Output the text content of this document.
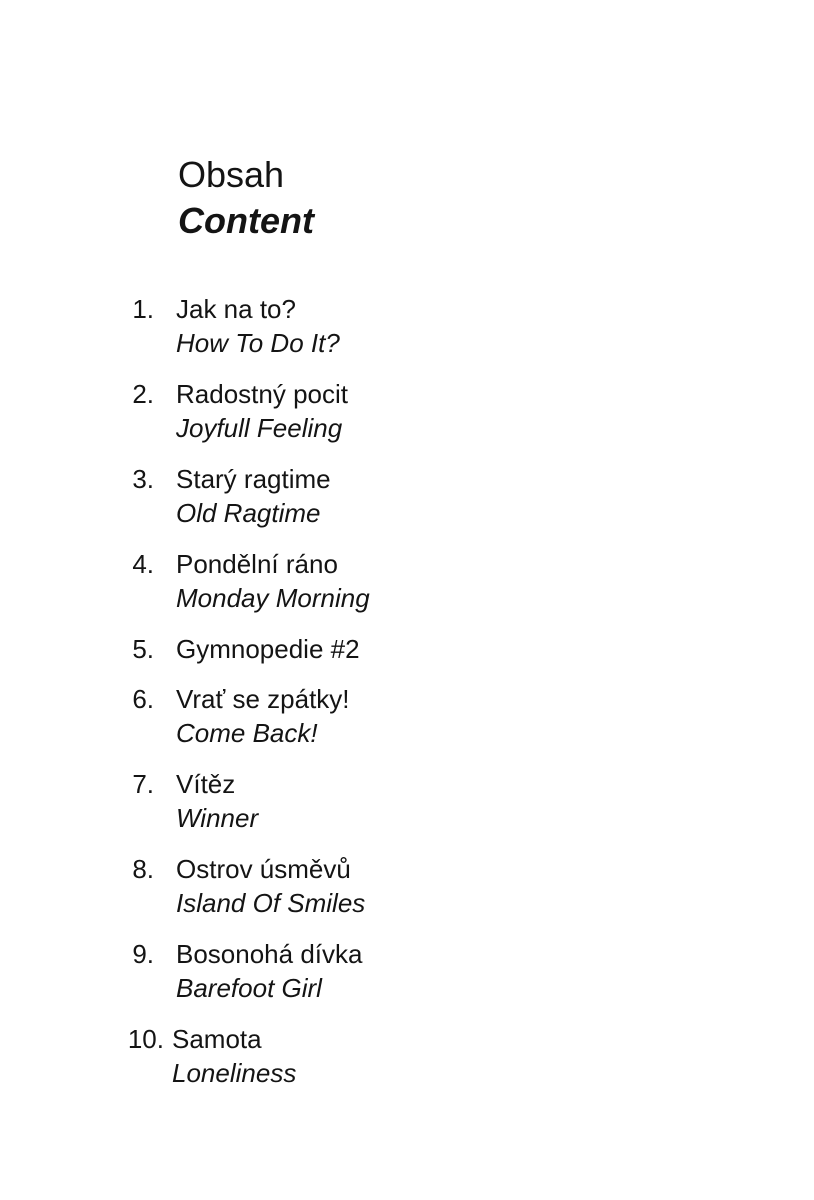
Obsah
Content
1. Jak na to?
How To Do It?
2. Radostný pocit
Joyfull Feeling
3. Starý ragtime
Old Ragtime
4. Pondělní ráno
Monday Morning
5. Gymnopedie #2
6. Vrať se zpátky!
Come Back!
7. Vítěz
Winner
8. Ostrov úsměvů
Island Of Smiles
9. Bosonohá dívka
Barefoot Girl
10. Samota
Loneliness
